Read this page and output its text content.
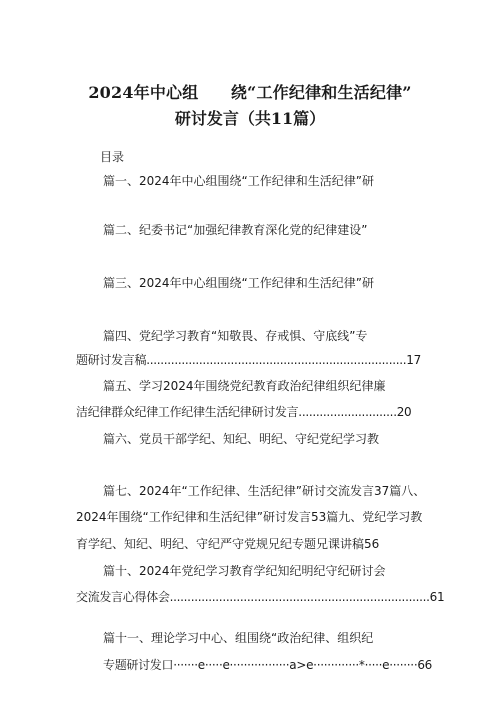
2024年中心组　　绕“工作纪律和生活纪律”
研讨发言（共11篇）
目录
篇一、2024年中心组围绕“工作纪律和生活纪律”研
篇二、纪委书记“加强纪律教育深化党的纪律建设”
篇三、2024年中心组围绕“工作纪律和生活纪律”研
篇四、党纪学习教育“知敬畏、存戒惧、守底线”专
题研讨发言稿..........................................................................17
篇五、学习2024年围绕党纪教育政治纪律组织纪律廉
洁纪律群众纪律工作纪律生活纪律研讨发言............................20
篇六、党员干部学纪、知纪、明纪、守纪党纪学习教
篇七、2024年“工作纪律、生活纪律”研讨交流发言37篇八、
2024年围绕“工作纪律和生活纪律”研讨发言53篇九、党纪学习教
育学纪、知纪、明纪、守纪严守党规兄纪专题兄课讲稿56
篇十、2024年党纪学习教育学纪知纪明纪守纪研讨会
交流发言心得体会..........................................................................61
篇十一、理论学习中心、组围绕“政治纪律、组织纪
专题研讨发口·······e·····e·················a>e·············*·····e········66
